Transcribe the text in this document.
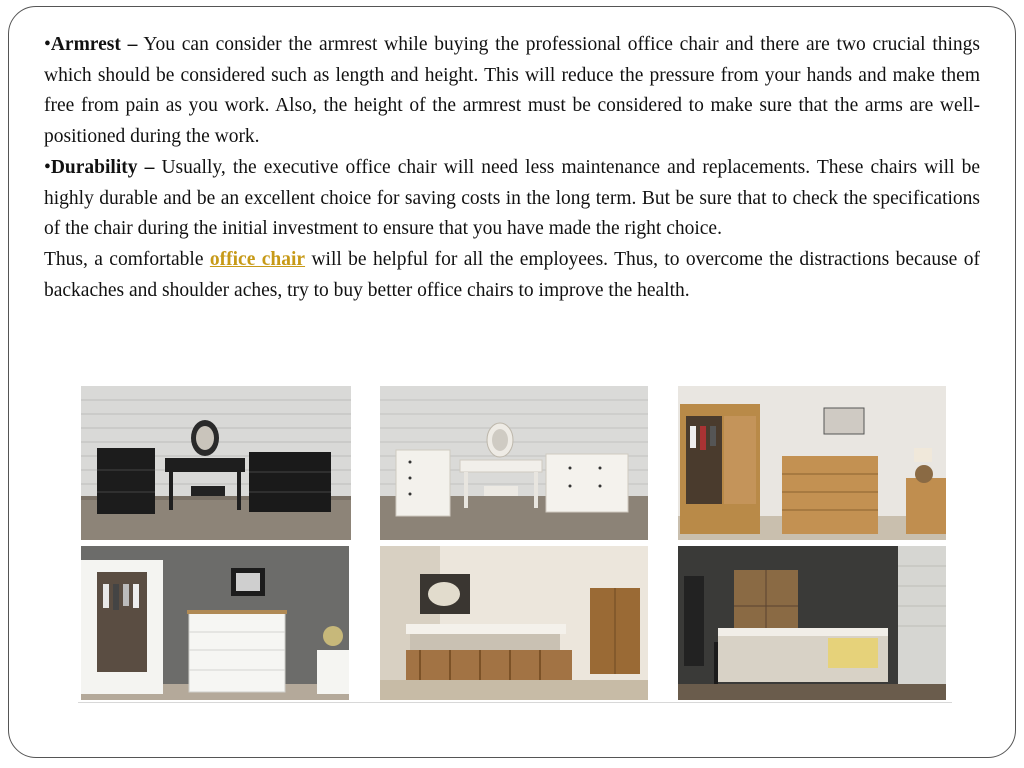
•Armrest – You can consider the armrest while buying the professional office chair and there are two crucial things which should be considered such as length and height. This will reduce the pressure from your hands and make them free from pain as you work. Also, the height of the armrest must be considered to make sure that the arms are well-positioned during the work.

•Durability – Usually, the executive office chair will need less maintenance and replacements. These chairs will be highly durable and be an excellent choice for saving costs in the long term. But be sure that to check the specifications of the chair during the initial investment to ensure that you have made the right choice.

Thus, a comfortable office chair will be helpful for all the employees. Thus, to overcome the distractions because of backaches and shoulder aches, try to buy better office chairs to improve the health.
